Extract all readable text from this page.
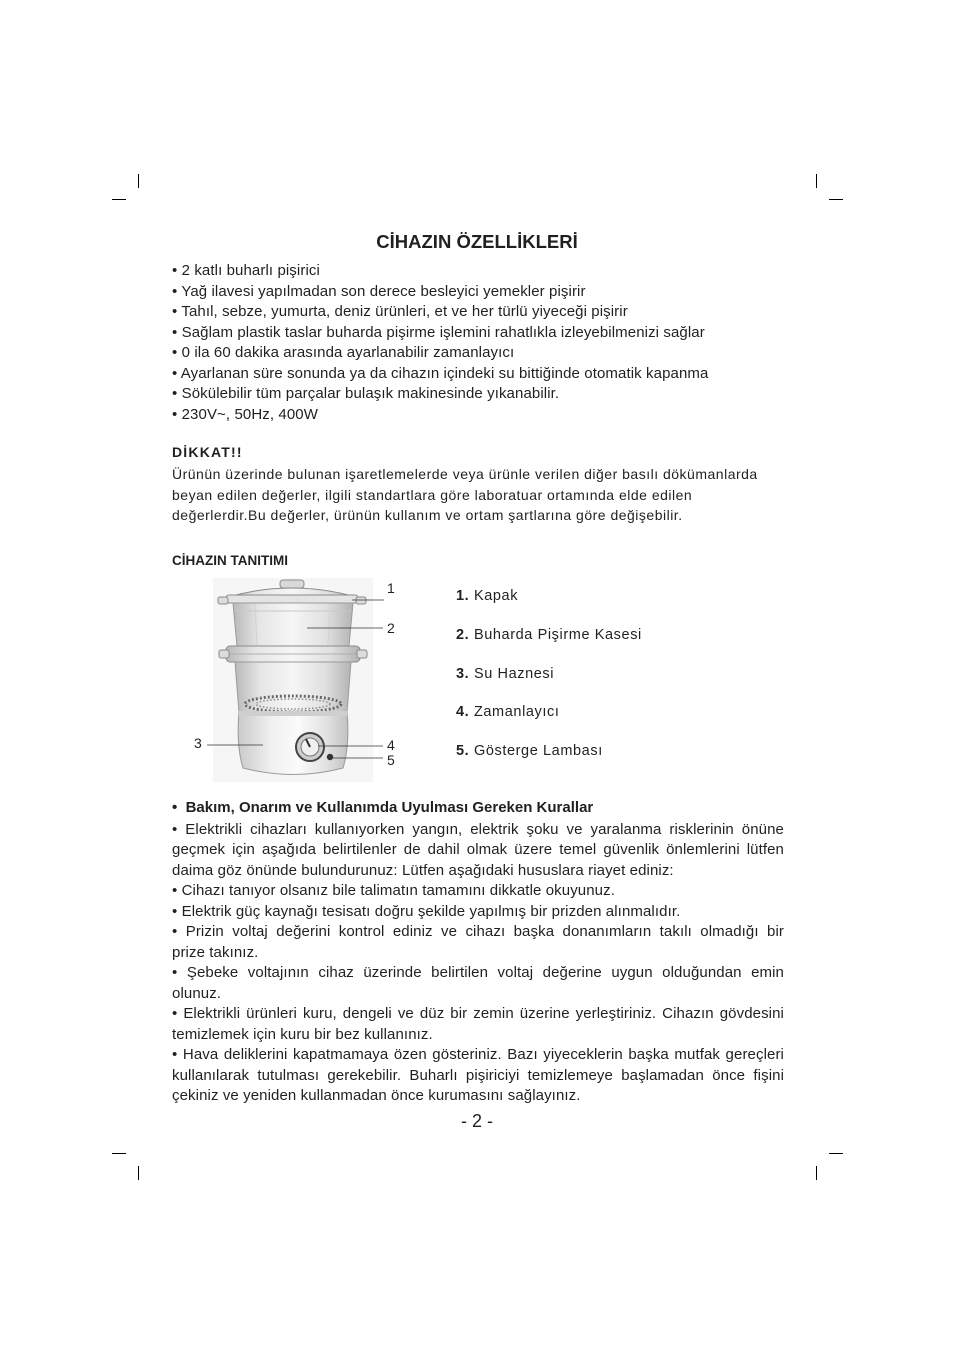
CİHAZIN ÖZELLİKLERİ
• 2 katlı buharlı pişirici
• Yağ ilavesi yapılmadan son derece besleyici yemekler pişirir
• Tahıl, sebze, yumurta, deniz ürünleri, et ve her türlü yiyeceği pişirir
• Sağlam plastik taslar buharda pişirme işlemini rahatlıkla izleyebilmenizi sağlar
• 0 ila 60 dakika arasında ayarlanabilir zamanlayıcı
• Ayarlanan süre sonunda ya da cihazın içindeki su bittiğinde otomatik kapanma
• Sökülebilir tüm parçalar bulaşık makinesinde yıkanabilir.
• 230V~, 50Hz, 400W
DİKKAT!!
Ürünün üzerinde bulunan işaretlemelerde veya ürünle verilen diğer basılı dökümanlarda
beyan edilen değerler, ilgili standartlara göre laboratuar ortamında elde edilen
değerlerdir.Bu değerler, ürünün kullanım ve ortam şartlarına göre değişebilir.
CİHAZIN TANITIMI
1
2
3	4
5
1. Kapak
2. Buharda Pişirme Kasesi
3. Su Haznesi
4. Zamanlayıcı
5. Gösterge Lambası
•  Bakım, Onarım ve Kullanımda Uyulması Gereken Kurallar
• Elektrikli cihazları kullanıyorken yangın, elektrik şoku ve yaralanma risklerinin önüne
geçmek için aşağıda belirtilenler de dahil olmak üzere temel güvenlik önlemlerini lütfen
daima göz önünde bulundurunuz: Lütfen aşağıdaki hususlara riayet ediniz:
• Cihazı tanıyor olsanız bile talimatın tamamını dikkatle okuyunuz.
• Elektrik güç kaynağı tesisatı doğru şekilde yapılmış bir prizden alınmalıdır.
• Prizin voltaj değerini kontrol ediniz ve cihazı başka donanımların takılı olmadığı bir
prize takınız.
• Şebeke voltajının cihaz üzerinde belirtilen voltaj değerine uygun olduğundan emin
olunuz.
• Elektrikli ürünleri kuru, dengeli ve düz bir zemin üzerine yerleştiriniz. Cihazın gövdesini
temizlemek için kuru bir bez kullanınız.
• Hava deliklerini kapatmamaya özen gösteriniz. Bazı yiyeceklerin başka mutfak gereçleri
kullanılarak tutulması gerekebilir. Buharlı pişiriciyi temizlemeye başlamadan önce fişini
çekiniz ve yeniden kullanmadan önce kurumasını sağlayınız.
- 2 -
